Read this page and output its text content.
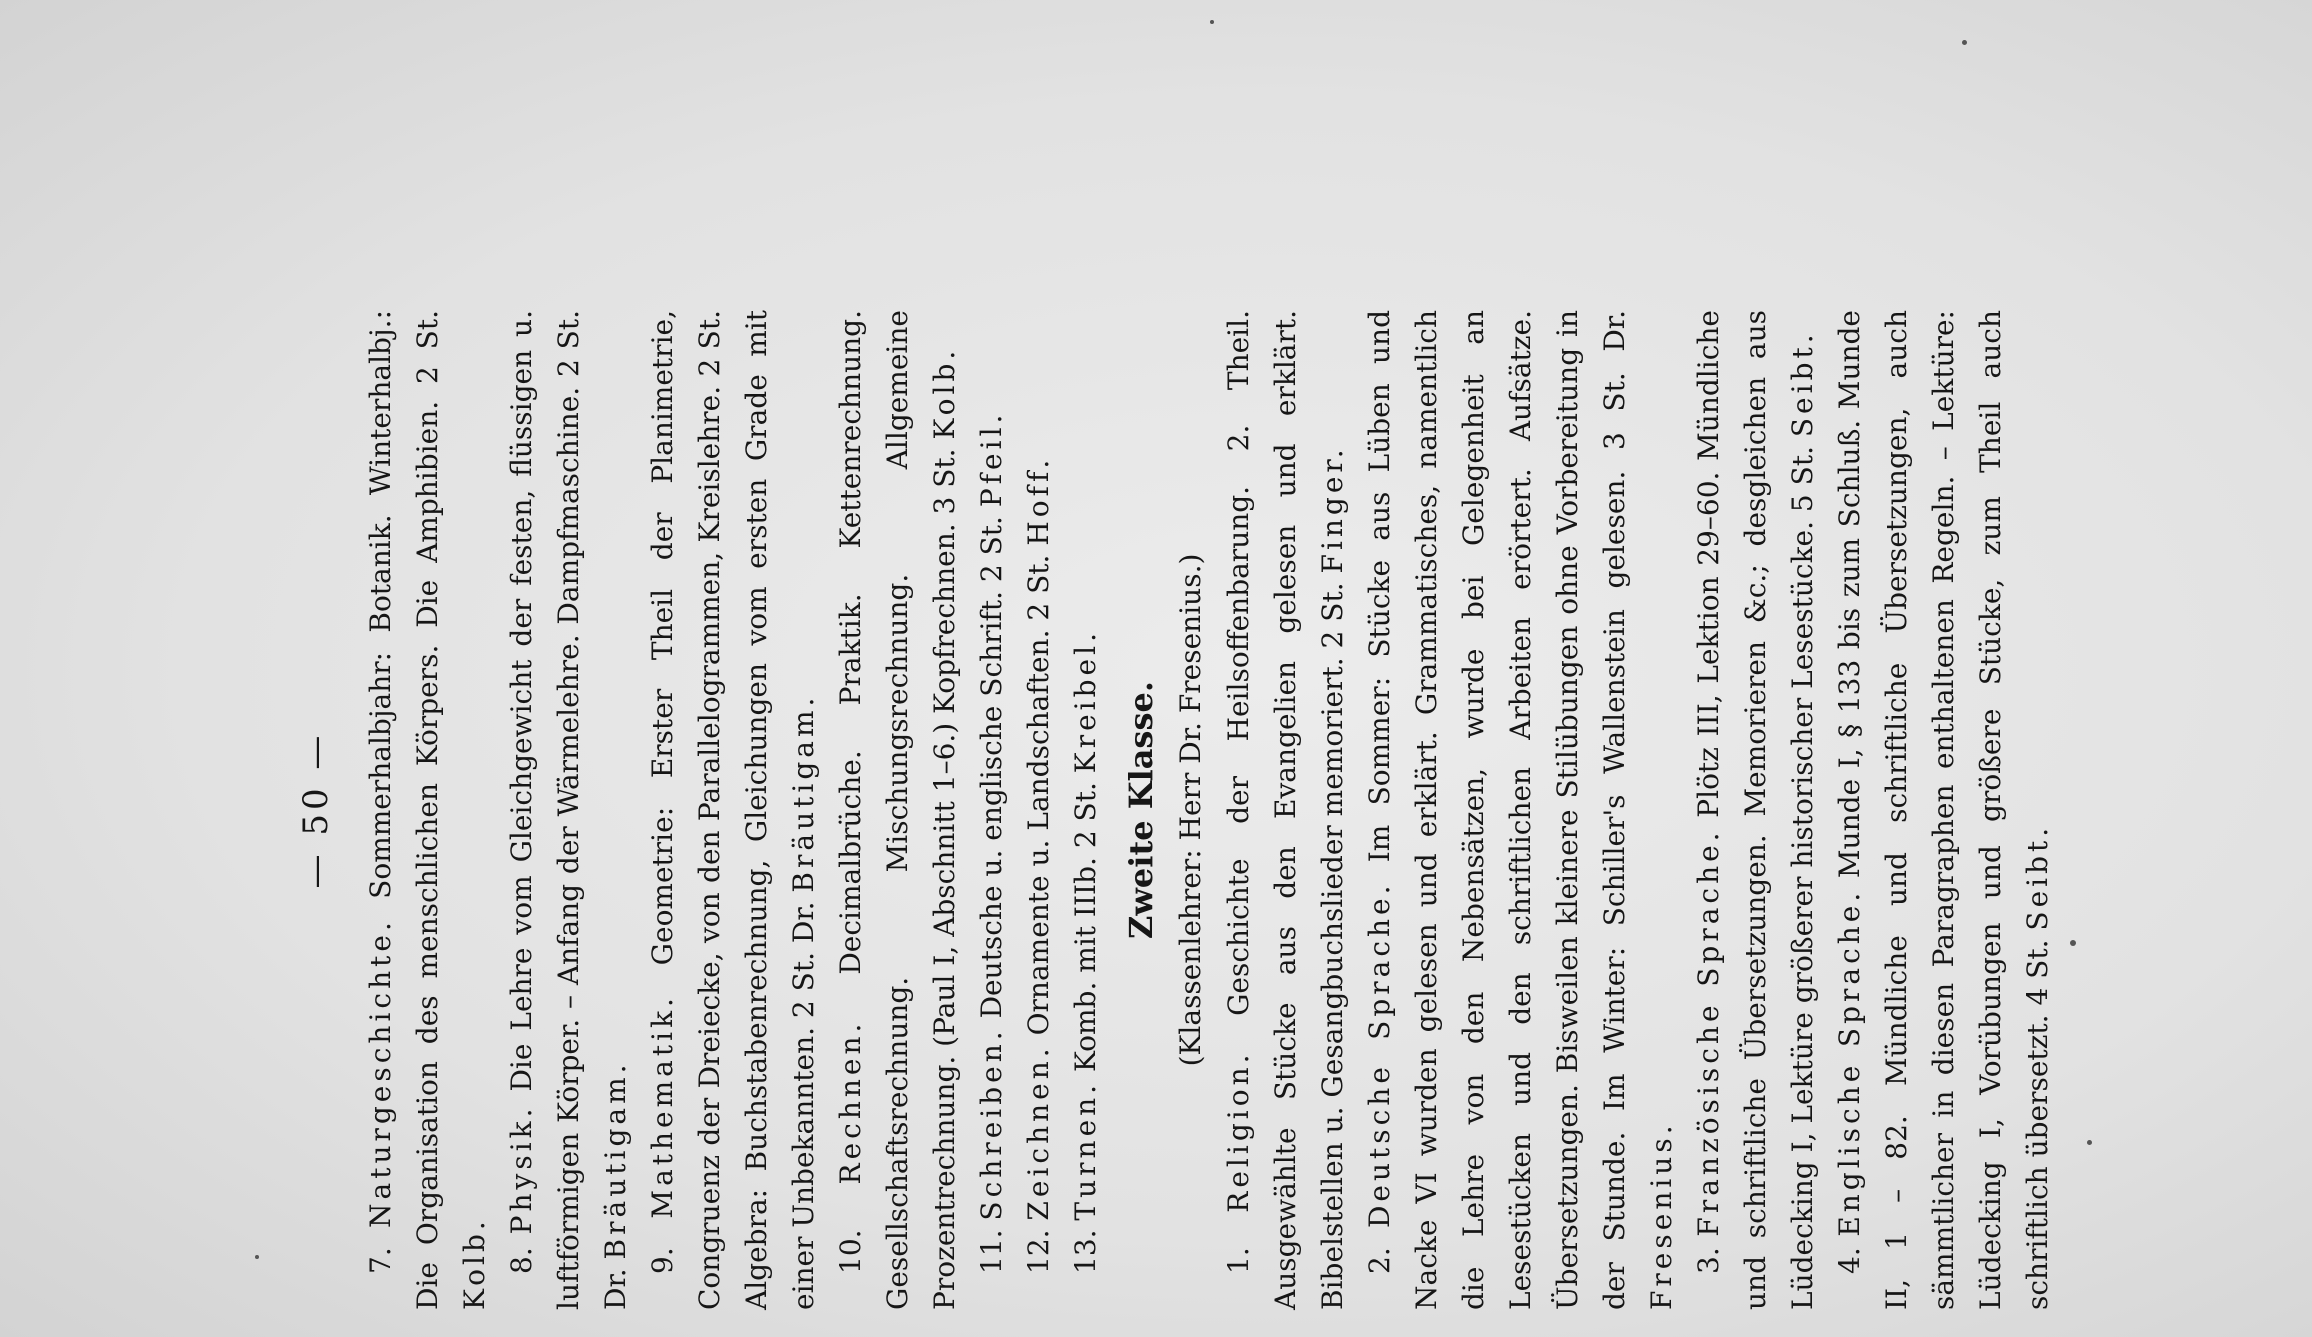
— 50 —

7. Naturgeschichte. Sommerhalbjahr: Botanik. Winterhalbj.: Die Organisation des menschlichen Körpers. Die Amphibien. 2 St. Kolb. 8. Physik. Die Lehre vom Gleichgewicht der festen, flüssigen u. luftförmigen Körper. – Anfang der Wärmelehre. Dampfmaschine. 2 St. Dr. Bräutigam.

9. Mathematik. Geometrie: Erster Theil der Planimetrie, Congruenz der Dreiecke, von den Parallelogrammen, Kreislehre. 2 St. Algebra: Buchstabenrechnung, Gleichungen vom ersten Grade mit einer Unbekannten. 2 St. Dr. Bräutigam.

10. Rechnen. Decimalbrüche. Praktik. Kettenrechnung. Gesellschaftsrechnung. Mischungsrechnung. Allgemeine Prozentrechnung. (Paul I, Abschnitt 1–6.) Kopfrechnen. 3 St. Kolb.

11. Schreiben. Deutsche u. englische Schrift. 2 St. Pfeil.

12. Zeichnen. Ornamente u. Landschaften. 2 St. Hoff.

13. Turnen. Komb. mit IIIb. 2 St. Kreibel. Zweite Klasse. (Klassenlehrer: Herr Dr. Fresenius.)

1. Religion. Geschichte der Heilsoffenbarung. 2. Theil. Ausgewählte Stücke aus den Evangelien gelesen und erklärt. Bibelstellen u. Gesangbuchslieder memoriert. 2 St. Finger.

2. Deutsche Sprache. Im Sommer: Stücke aus Lüben und Nacke VI wurden gelesen und erklärt. Grammatisches, namentlich die Lehre von den Nebensätzen, wurde bei Gelegenheit an Lesestücken und den schriftlichen Arbeiten erörtert. Aufsätze. Übersetzungen. Bisweilen kleinere Stilübungen ohne Vorbereitung in der Stunde. Im Winter: Schiller's Wallenstein gelesen. 3 St. Dr. Fresenius. 3. Französische Sprache. Plötz III, Lektion 29–60. Mündliche und schriftliche Übersetzungen. Memorieren &c.; desgleichen aus Lüdecking I, Lektüre größerer historischer Lesestücke. 5 St. Seibt.

4. Englische Sprache. Munde I, § 133 bis zum Schluß. Munde II, 1 – 82. Mündliche und schriftliche Übersetzungen, auch sämmtlicher in diesen Paragraphen enthaltenen Regeln. – Lektüre: Lüdecking I, Vorübungen und größere Stücke, zum Theil auch schriftlich übersetzt. 4 St. Seibt.
